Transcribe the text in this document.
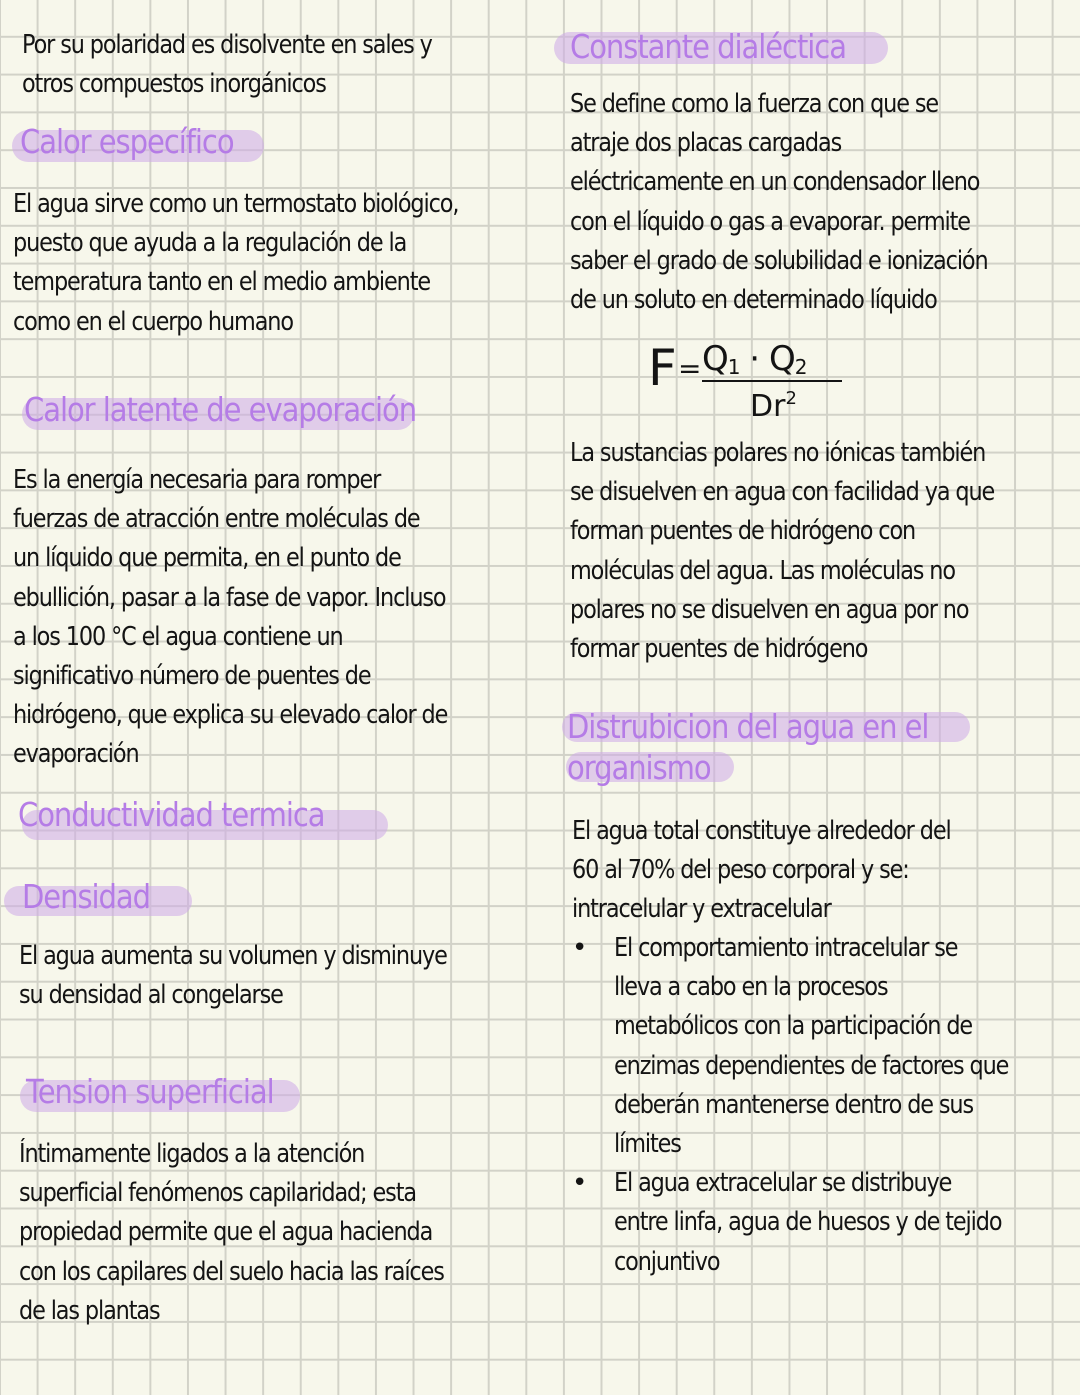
Por su polaridad es disolvente en sales y
otros compuestos inorgánicos
Calor específico
El agua sirve como un termostato biológico,
puesto que ayuda a la regulación de la
temperatura tanto en el medio ambiente
como en el cuerpo humano
Calor latente de evaporación
Es la energía necesaria para romper
fuerzas de atracción entre moléculas de
un líquido que permita, en el punto de
ebullición, pasar a la fase de vapor. Incluso
a los 100 °C el agua contiene un
significativo número de puentes de
hidrógeno, que explica su elevado calor de
evaporación
Conductividad termica
Densidad
El agua aumenta su volumen y disminuye
su densidad al congelarse
Tension superficial
Íntimamente ligados a la atención
superficial fenómenos capilaridad; esta
propiedad permite que el agua hacienda
con los capilares del suelo hacia las raíces
de las plantas
Constante dialéctica
Se define como la fuerza con que se
atraje dos placas cargadas
eléctricamente en un condensador lleno
con el líquido o gas a evaporar. permite
saber el grado de solubilidad e ionización
de un soluto en determinado líquido
$F = Q_1 \cdot Q_2$
Dr$^2$
La sustancias polares no iónicas también
se disuelven en agua con facilidad ya que
forman puentes de hidrógeno con
moléculas del agua. Las moléculas no
polares no se disuelven en agua por no
formar puentes de hidrógeno
Distrubicion del agua en el
organismo
El agua total constituye alrededor del
60 al 70% del peso corporal y se:
intracelular y extracelular
• El comportamiento intracelular se
lleva a cabo en la procesos
metabólicos con la participación de
enzimas dependientes de factores que
deberán mantenerse dentro de sus
límites
• El agua extracelular se distribuye
entre linfa, agua de huesos y de tejido
conjuntivo
